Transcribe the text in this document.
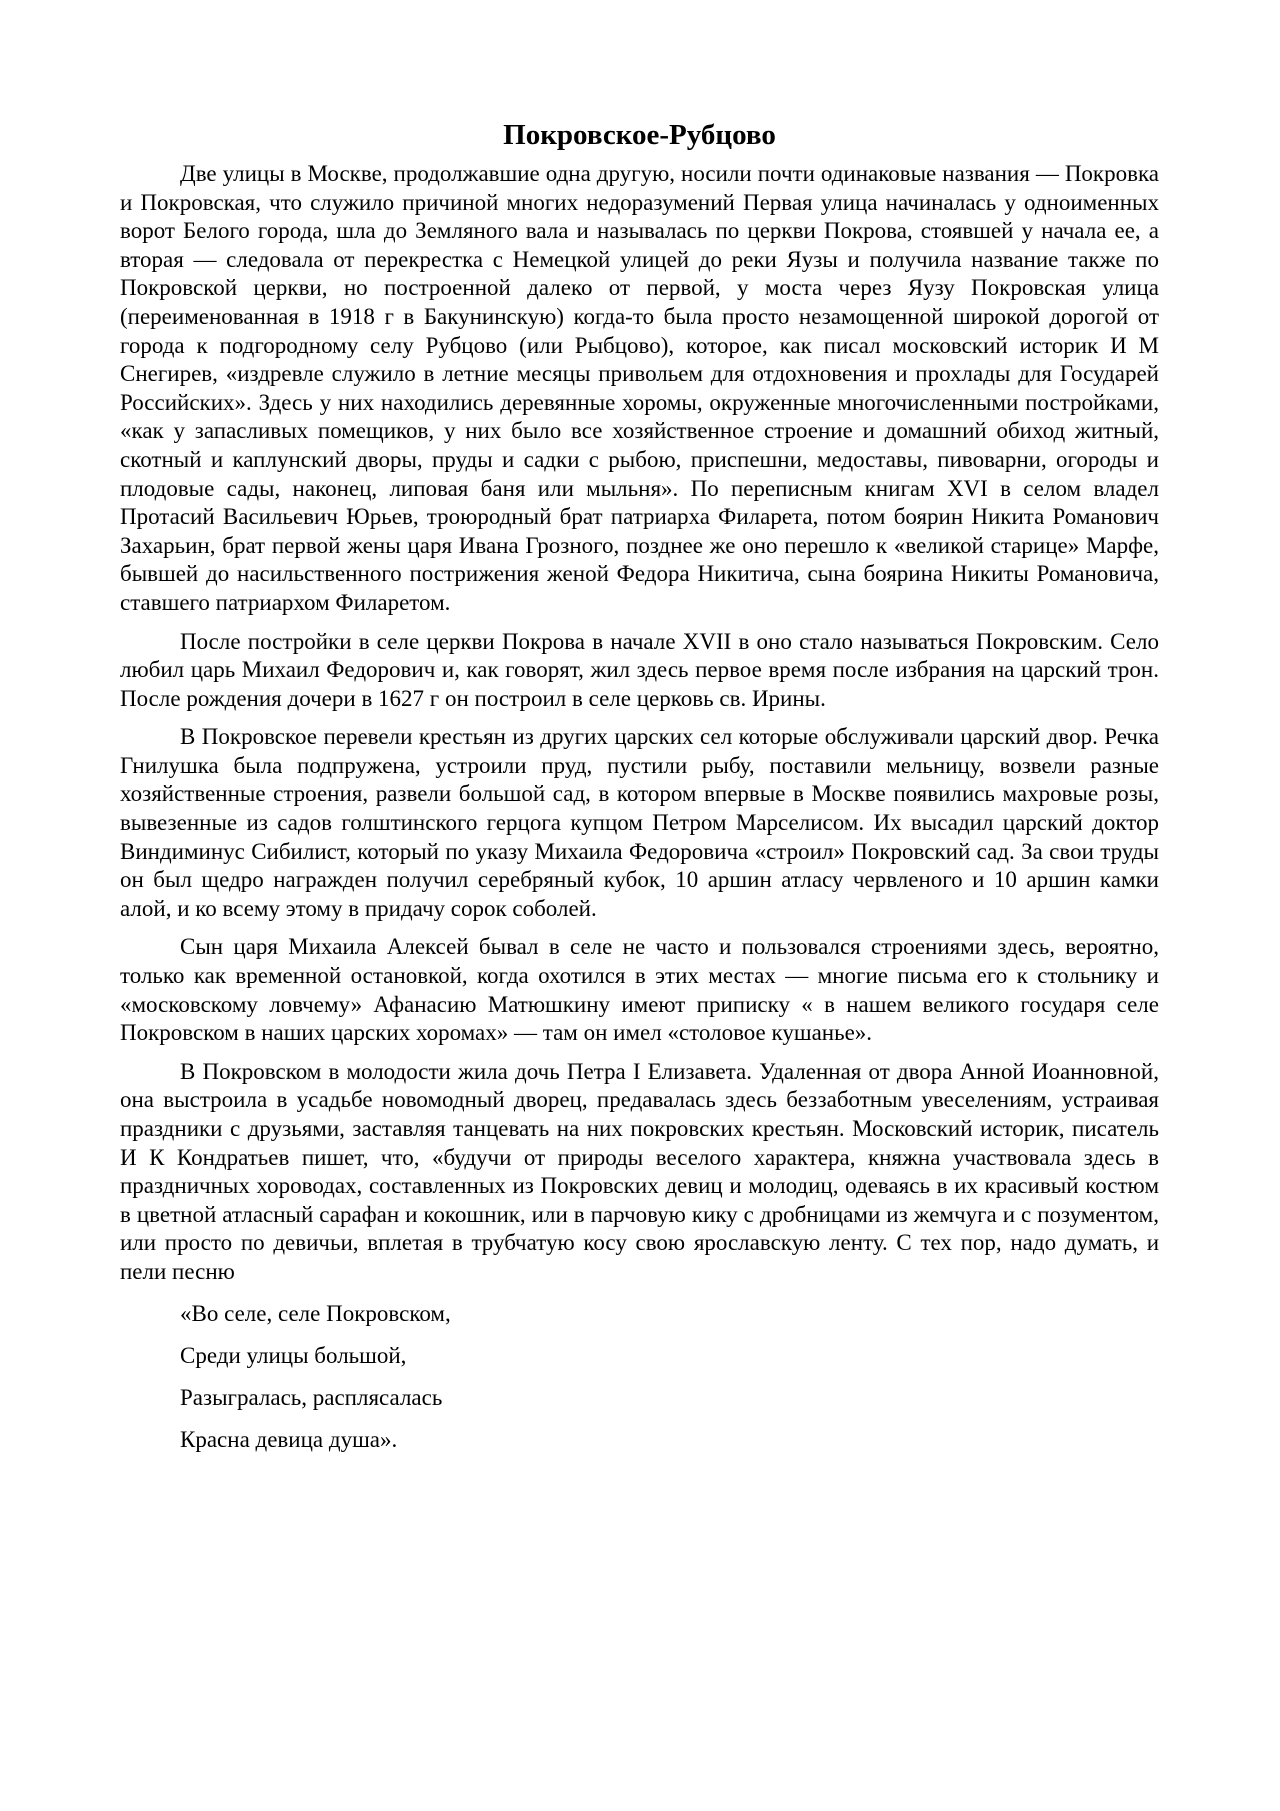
Покровское-Рубцово

Две улицы в Москве, продолжавшие одна другую, носили почти одинаковые названия — Покровка и Покровская, что служило причиной многих недоразумений Первая улица начиналась у одноименных ворот Белого города, шла до Земляного вала и называлась по церкви Покрова, стоявшей у начала ее, а вторая — следовала от перекрестка с Немецкой улицей до реки Яузы и получила название также по Покровской церкви, но построенной далеко от первой, у моста через Яузу Покровская улица (переименованная в 1918 г в Бакунинскую) когда-то была просто незамощенной широкой дорогой от города к подгородному селу Рубцово (или Рыбцово), которое, как писал московский историк И М Снегирев, «издревле служило в летние месяцы привольем для отдохновения и прохлады для Государей Российских». Здесь у них находились деревянные хоромы, окруженные многочисленными постройками, «как у запасливых помещиков, у них было все хозяйственное строение и домашний обиход житный, скотный и каплунский дворы, пруды и садки с рыбою, приспешни, медоставы, пивоварни, огороды и плодовые сады, наконец, липовая баня или мыльня». По переписным книгам XVI в селом владел Протасий Васильевич Юрьев, троюродный брат патриарха Филарета, потом боярин Никита Романович Захарьин, брат первой жены царя Ивана Грозного, позднее же оно перешло к «великой старице» Марфе, бывшей до насильственного пострижения женой Федора Никитича, сына боярина Никиты Романовича, ставшего патриархом Филаретом.

После постройки в селе церкви Покрова в начале XVII в оно стало называться Покровским. Село любил царь Михаил Федорович и, как говорят, жил здесь первое время после избрания на царский трон. После рождения дочери в 1627 г он построил в селе церковь св. Ирины.

В Покровское перевели крестьян из других царских сел которые обслуживали царский двор. Речка Гнилушка была подпружена, устроили пруд, пустили рыбу, поставили мельницу, возвели разные хозяйственные строения, развели большой сад, в котором впервые в Москве появились махровые розы, вывезенные из садов голштинского герцога купцом Петром Марселисом. Их высадил царский доктор Виндиминус Сибилист, который по указу Михаила Федоровича «строил» Покровский сад. За свои труды он был щедро награжден получил серебряный кубок, 10 аршин атласу червленого и 10 аршин камки алой, и ко всему этому в придачу сорок соболей.

Сын царя Михаила Алексей бывал в селе не часто и пользовался строениями здесь, вероятно, только как временной остановкой, когда охотился в этих местах — многие письма его к стольнику и «московскому ловчему» Афанасию Матюшкину имеют приписку « в нашем великого государя селе Покровском в наших царских хоромах» — там он имел «столовое кушанье».

В Покровском в молодости жила дочь Петра I Елизавета. Удаленная от двора Анной Иоанновной, она выстроила в усадьбе новомодный дворец, предавалась здесь беззаботным увеселениям, устраивая праздники с друзьями, заставляя танцевать на них покровских крестьян. Московский историк, писатель И К Кондратьев пишет, что, «будучи от природы веселого характера, княжна участвовала здесь в праздничных хороводах, составленных из Покровских девиц и молодиц, одеваясь в их красивый костюм в цветной атласный сарафан и кокошник, или в парчовую кику с дробницами из жемчуга и с позументом, или просто по девичьи, вплетая в трубчатую косу свою ярославскую ленту. С тех пор, надо думать, и пели песню

«Во селе, селе Покровском,

Среди улицы большой,

Разыгралась, расплясалась

Красна девица душа».
